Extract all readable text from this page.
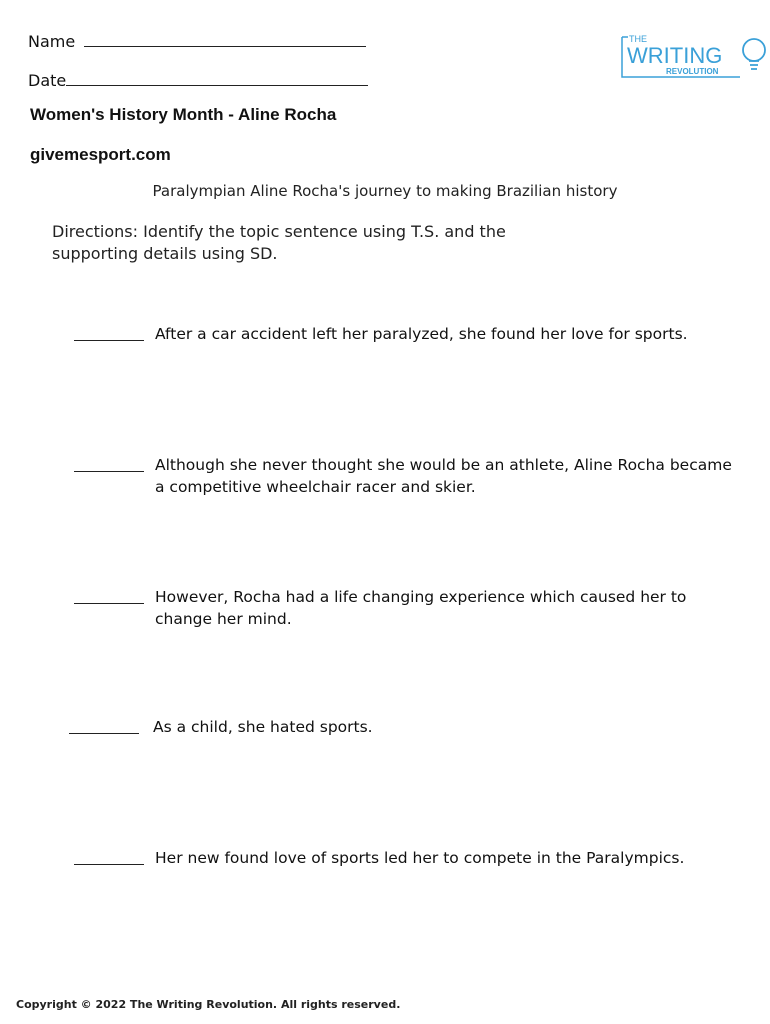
Name
Date
THE
WRITING
REVOLUTION
Women's History Month - Aline Rocha
givemesport.com
Paralympian Aline Rocha's journey to making Brazilian history
Directions: Identify the topic sentence using T.S. and the supporting details using SD.
After a car accident left her paralyzed, she found her love for sports.
Although she never thought she would be an athlete, Aline Rocha became a competitive wheelchair racer and skier.
However, Rocha had a life changing experience which caused her to change her mind.
As a child, she hated sports.
Her new found love of sports led her to compete in the Paralympics.
Copyright © 2022 The Writing Revolution. All rights reserved.
